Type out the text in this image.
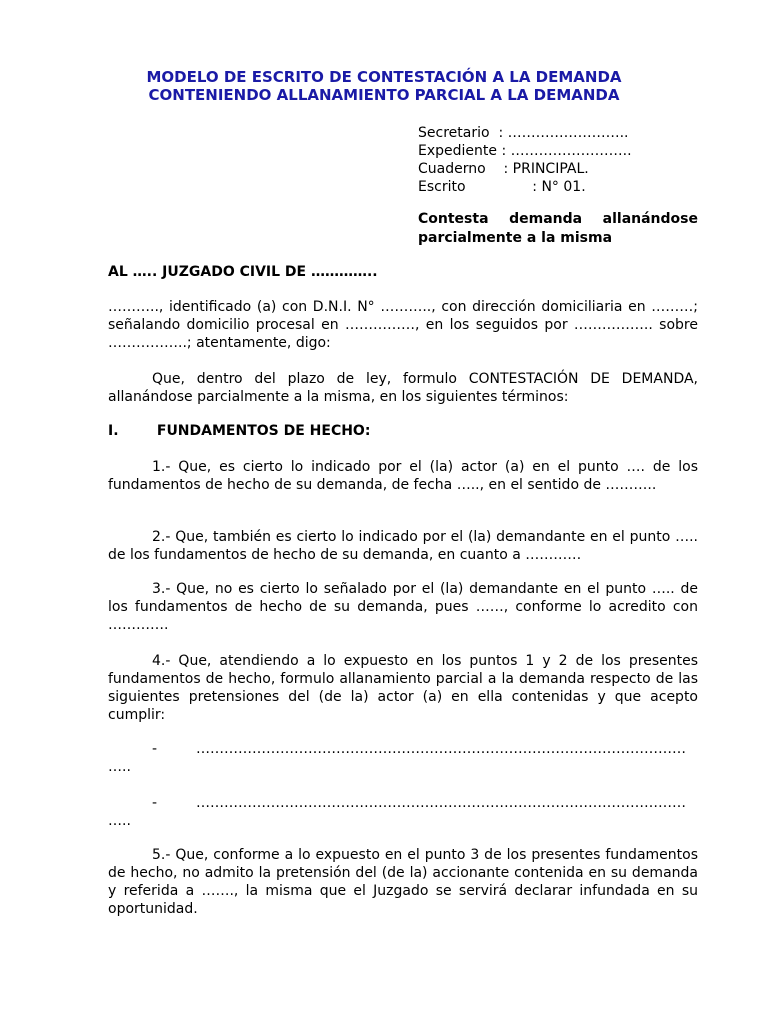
MODELO DE ESCRITO DE CONTESTACIÓN A LA DEMANDA
CONTENIENDO ALLANAMIENTO PARCIAL A LA DEMANDA
Secretario  : ……………………..
Expediente : ……………………..
Cuaderno    : PRINCIPAL.
Escrito               : N° 01.
Contesta demanda allanándose parcialmente a la misma
AL ….. JUZGADO CIVIL DE …………..
……….., identificado (a) con D.N.I. N° ……….., con dirección domiciliaria en ………; señalando domicilio procesal en ……………, en los seguidos por …………….. sobre ……………..; atentamente, digo:
Que, dentro del plazo de ley, formulo CONTESTACIÓN DE DEMANDA, allanándose parcialmente a la misma, en los siguientes términos:
I.	FUNDAMENTOS DE HECHO:
1.- Que, es cierto lo indicado por el (la) actor (a) en el punto …. de los fundamentos de hecho de su demanda, de fecha ….., en el sentido de ………..
2.- Que, también es cierto lo indicado por el (la) demandante en el punto ….. de los fundamentos de hecho de su demanda, en cuanto a …………
3.- Que, no es cierto lo señalado por el (la) demandante en el punto ….. de los fundamentos de hecho de su demanda, pues ……, conforme lo acredito con ………….
4.- Que, atendiendo a lo expuesto en los puntos 1 y 2 de los presentes fundamentos de hecho, formulo allanamiento parcial a la demanda respecto de las siguientes pretensiones del (de la) actor (a) en ella contenidas y que acepto cumplir:
-	……………………………………………………………………………………………
…..
-	……………………………………………………………………………………………
…..
5.- Que, conforme a lo expuesto en el punto 3 de los presentes fundamentos de hecho, no admito la pretensión del (de la) accionante contenida en su demanda y referida a ……., la misma que el Juzgado se servirá declarar infundada en su oportunidad.
